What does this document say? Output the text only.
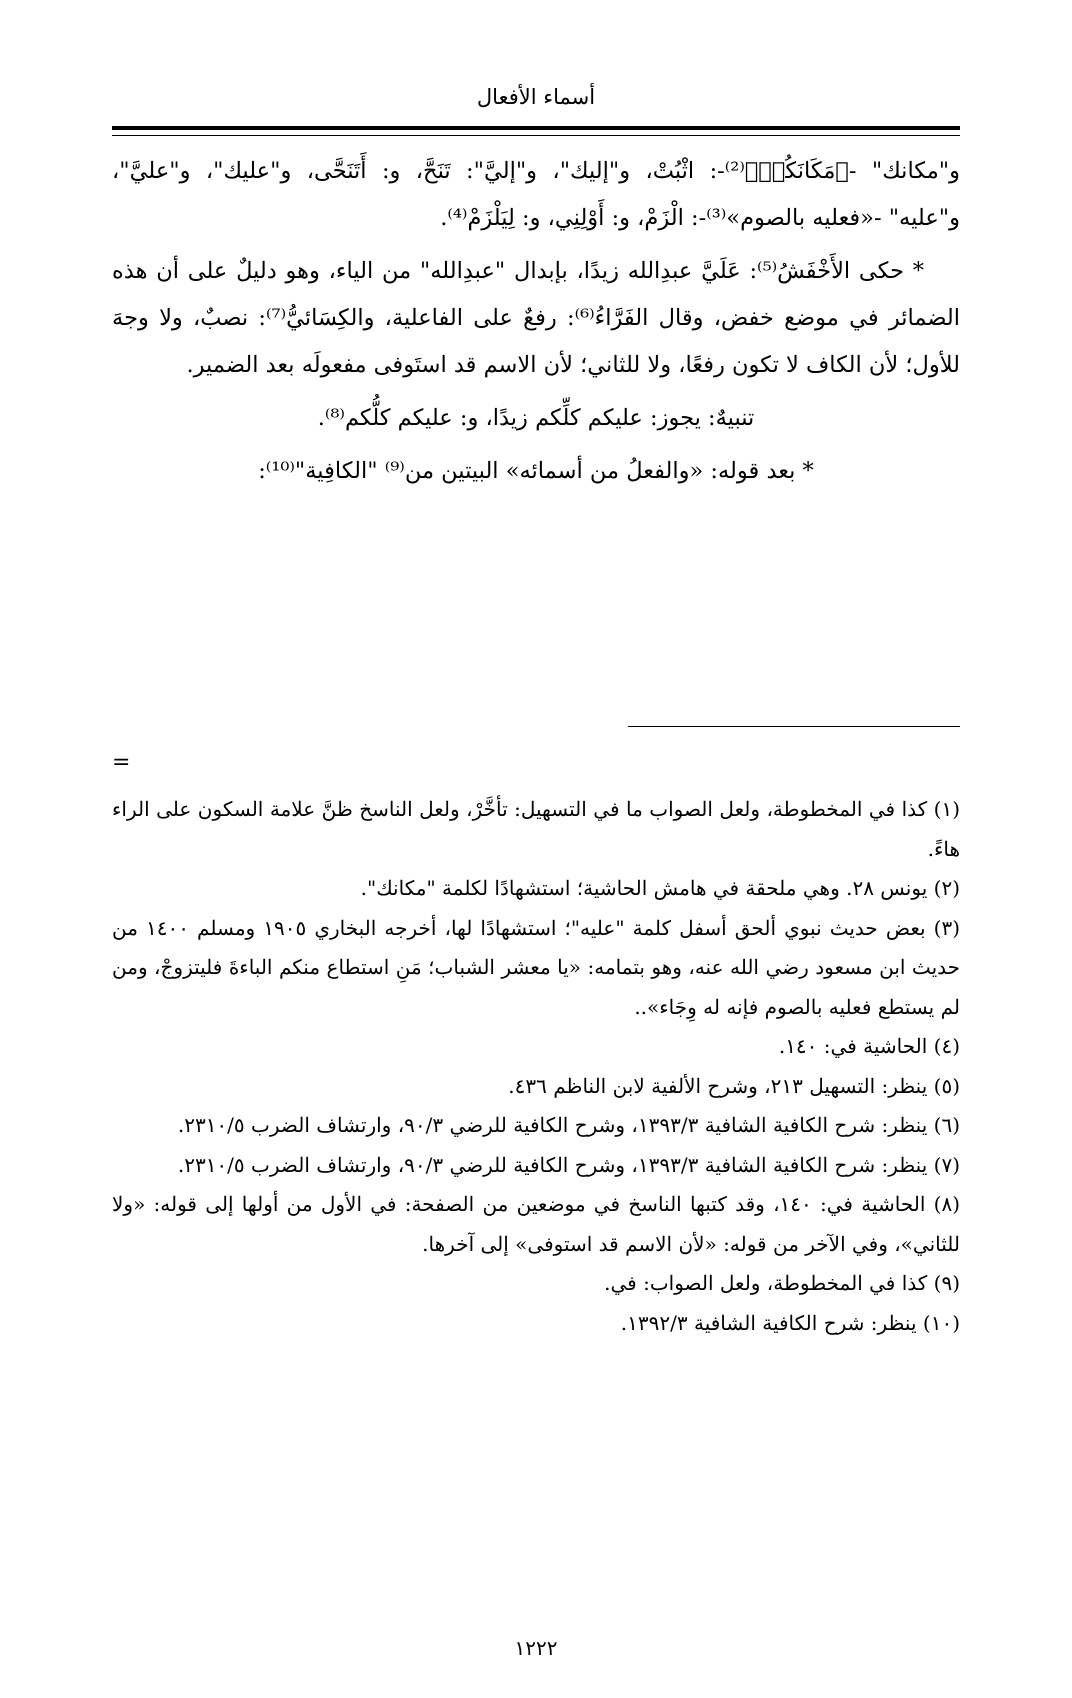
أسماء الأفعال

و"مكانك" -﴿مَكَانَكُمۡ﴾⁽²⁾-: اثْبُتْ، و"إليك"، و"إليَّ": تَنَحَّ، و: أَتَنَحَّى، و"عليك"، و"عليَّ"، و"عليه" -«فعليه بالصوم»⁽³⁾-: الْزَمْ، و: أَوْلِنِي، و: لِيَلْزَمْ⁽⁴⁾.

* حكى الأَخْفَشُ⁽⁵⁾: عَلَيَّ عبدِالله زيدًا، بإبدال "عبدِالله" من الياء، وهو دليلٌ على أن هذه الضمائر في موضع خفض، وقال الفَرَّاءُ⁽⁶⁾: رفعٌ على الفاعلية، والكِسَائيُّ⁽⁷⁾: نصبٌ، ولا وجهَ للأول؛ لأن الكاف لا تكون رفعًا، ولا للثاني؛ لأن الاسم قد استَوفى مفعولَه بعد الضمير.

تنبيهٌ: يجوز: عليكم كلِّكم زيدًا، و: عليكم كلُّكم⁽⁸⁾.

* بعد قوله: «والفعلُ من أسمائه» البيتين من⁽⁹⁾ "الكافِية"⁽¹⁰⁾:

=

(١) كذا في المخطوطة، ولعل الصواب ما في التسهيل: تأخَّرْ، ولعل الناسخ ظنَّ علامة السكون على الراء هاءً.

(٢) يونس ٢٨. وهي ملحقة في هامش الحاشية؛ استشهادًا لكلمة "مكانك".

(٣) بعض حديث نبوي ألحق أسفل كلمة "عليه"؛ استشهادًا لها، أخرجه البخاري ١٩٠٥ ومسلم ١٤٠٠ من حديث ابن مسعود رضي الله عنه، وهو بتمامه: «يا معشر الشباب؛ مَنِ استطاع منكم الباءةَ فليتزوجْ، ومن لم يستطع فعليه بالصوم فإنه له وِجَاء»..

(٤) الحاشية في: ١٤٠.

(٥) ينظر: التسهيل ٢١٣، وشرح الألفية لابن الناظم ٤٣٦.

(٦) ينظر: شرح الكافية الشافية ١٣٩٣/٣، وشرح الكافية للرضي ٩٠/٣، وارتشاف الضرب ٢٣١٠/٥.

(٧) ينظر: شرح الكافية الشافية ١٣٩٣/٣، وشرح الكافية للرضي ٩٠/٣، وارتشاف الضرب ٢٣١٠/٥.

(٨) الحاشية في: ١٤٠، وقد كتبها الناسخ في موضعين من الصفحة: في الأول من أولها إلى قوله: «ولا للثاني»، وفي الآخر من قوله: «لأن الاسم قد استوفى» إلى آخرها.

(٩) كذا في المخطوطة، ولعل الصواب: في.

(١٠) ينظر: شرح الكافية الشافية ١٣٩٢/٣.

١٢٢٢
